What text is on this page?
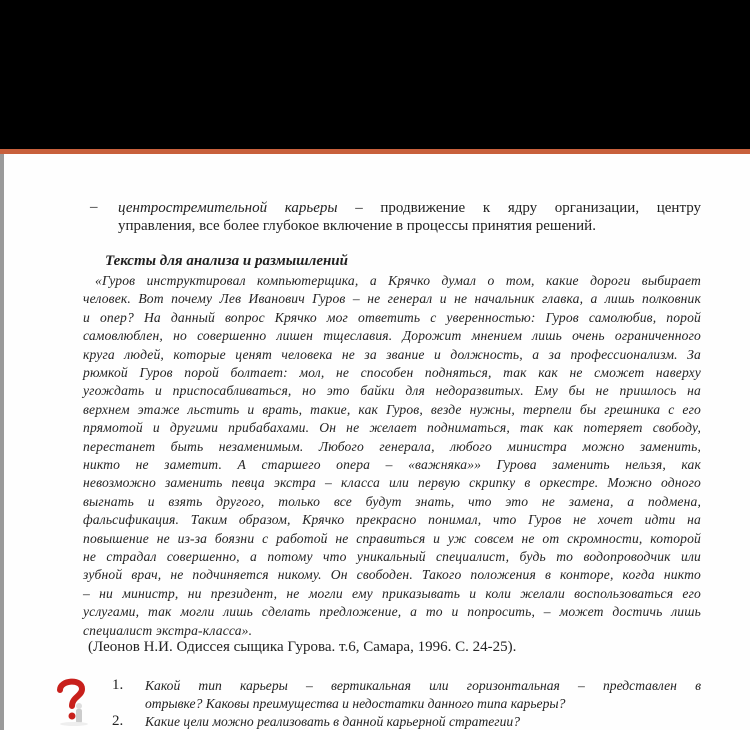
– центростремительной карьеры – продвижение к ядру организации, центру
управления, все более глубокое включение в процессы принятия решений.
Тексты для анализа и размышлений
«Гуров инструктировал компьютерщика, а Крячко думал о том, какие дороги выбирает
человек. Вот почему Лев Иванович Гуров – не генерал и не начальник главка, а лишь полковник
и опер? На данный вопрос Крячко мог ответить с уверенностью: Гуров самолюбив, порой
самовлюблен, но совершенно лишен тщеславия. Дорожит мнением лишь очень ограниченного
круга людей, которые ценят человека не за звание и должность, а за профессионализм. За
рюмкой Гуров порой болтает: мол, не способен подняться, так как не сможет наверху
угождать и приспосабливаться, но это байки для недоразвитых. Ему бы не пришлось на
верхнем этаже льстить и врать, такие, как Гуров, везде нужны, терпели бы грешника с его
прямотой и другими прибабахами. Он не желает подниматься, так как потеряет свободу,
перестанет быть незаменимым. Любого генерала, любого министра можно заменить,
никто не заметит. А старшего опера – «важняка»» Гурова заменить нельзя, как
невозможно заменить певца экстра – класса или первую скрипку в оркестре. Можно одного
выгнать и взять другого, только все будут знать, что это не замена, а подмена,
фальсификация. Таким образом, Крячко прекрасно понимал, что Гуров не хочет идти на
повышение не из-за боязни с работой не справиться и уж совсем не от скромности, которой
не страдал совершенно, а потому что уникальный специалист, будь то водопроводчик или
зубной врач, не подчиняется никому. Он свободен. Такого положения в конторе, когда никто
– ни министр, ни президент, не могли ему приказывать и коли желали воспользоваться его
услугами, так могли лишь сделать предложение, а то и попросить, – может достичь лишь
специалист экстра-класса».
(Леонов Н.И. Одиссея сыщика Гурова. т.6, Самара, 1996. С. 24-25).
1. Какой тип карьеры – вертикальная или горизонтальная – представлен в
отрывке? Каковы преимущества и недостатки данного типа карьеры?
2. Какие цели можно реализовать в данной карьерной стратегии?
